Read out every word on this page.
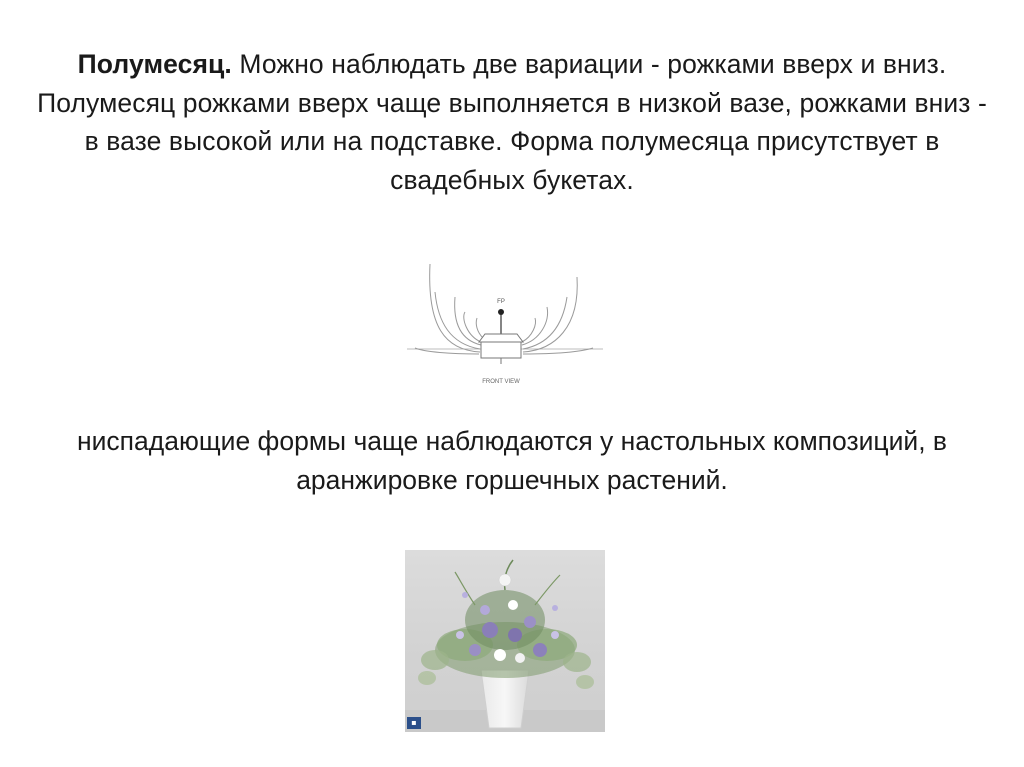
Полумесяц. Можно наблюдать две вариации - рожками вверх и вниз. Полумесяц рожками вверх чаще выполняется в низкой вазе, рожками вниз - в вазе высокой или на подставке. Форма полумесяца присутствует в свадебных букетах.

FP
FRONT VIEW

ниспадающие формы чаще наблюдаются у настольных композиций, в аранжировке горшечных растений.

▪
